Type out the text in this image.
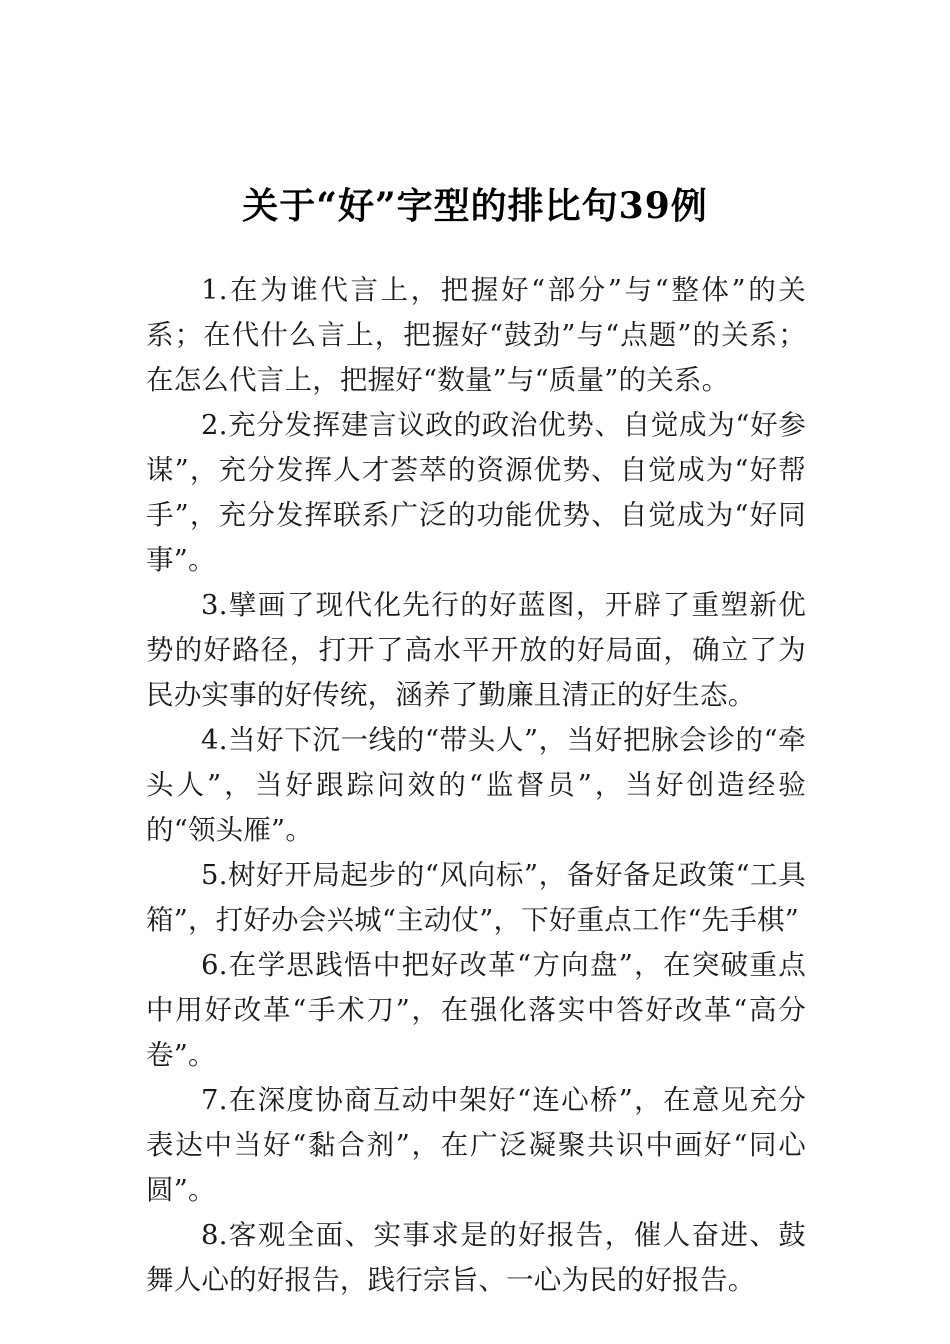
关于“好”字型的排比句39例

1.在为谁代言上，把握好“部分”与“整体”的关系；在代什么言上，把握好“鼓劲”与“点题”的关系；在怎么代言上，把握好“数量”与“质量”的关系。

2.充分发挥建言议政的政治优势、自觉成为“好参谋”，充分发挥人才荟萃的资源优势、自觉成为“好帮手”，充分发挥联系广泛的功能优势、自觉成为“好同事”。

3.擘画了现代化先行的好蓝图，开辟了重塑新优势的好路径，打开了高水平开放的好局面，确立了为民办实事的好传统，涵养了勤廉且清正的好生态。

4.当好下沉一线的“带头人”，当好把脉会诊的“牵头人”，当好跟踪问效的“监督员”，当好创造经验的“领头雁”。

5.树好开局起步的“风向标”，备好备足政策“工具箱”，打好办会兴城“主动仗”，下好重点工作“先手棋”

6.在学思践悟中把好改革“方向盘”，在突破重点中用好改革“手术刀”，在强化落实中答好改革“高分卷”。

7.在深度协商互动中架好“连心桥”，在意见充分表达中当好“黏合剂”，在广泛凝聚共识中画好“同心圆”。

8.客观全面、实事求是的好报告，催人奋进、鼓舞人心的好报告，践行宗旨、一心为民的好报告。
